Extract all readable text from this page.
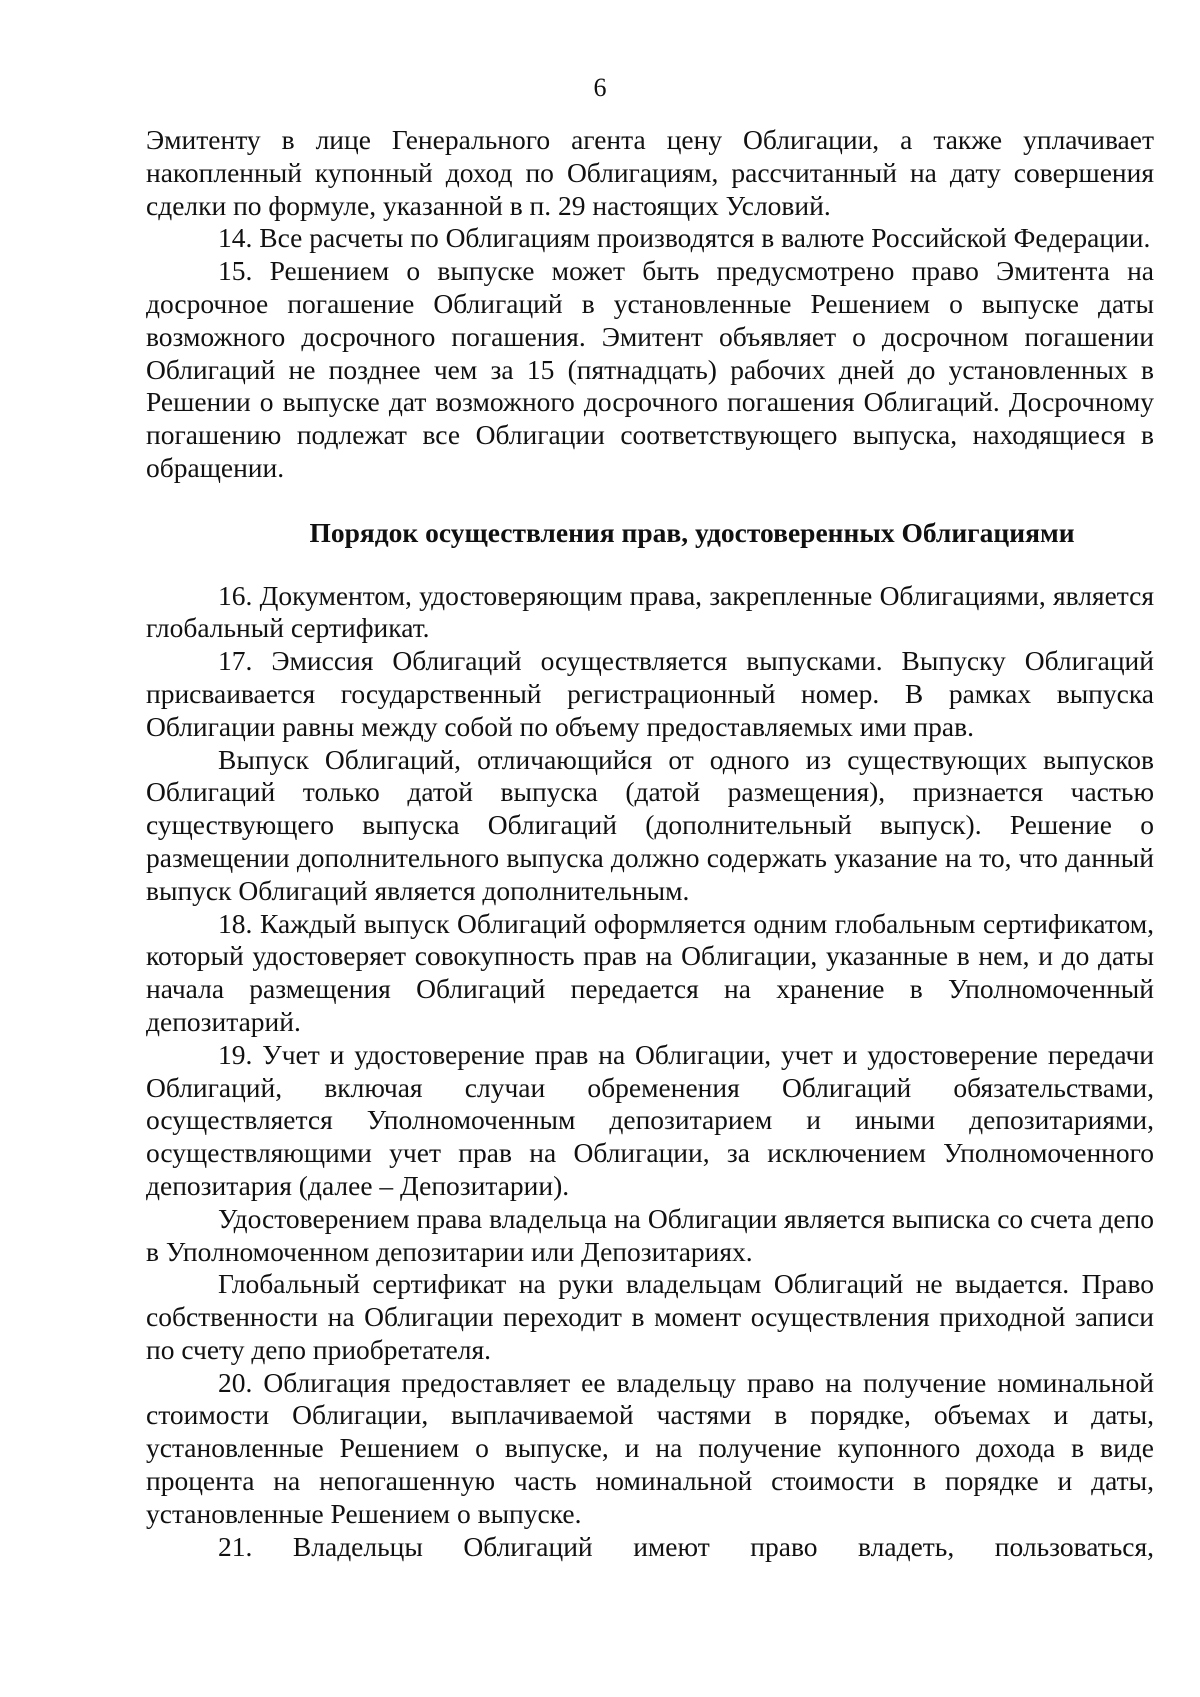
6

Эмитенту в лице Генерального агента цену Облигации, а также уплачивает накопленный купонный доход по Облигациям, рассчитанный на дату совершения сделки по формуле, указанной в п. 29 настоящих Условий.

14. Все расчеты по Облигациям производятся в валюте Российской Федерации.

15. Решением о выпуске может быть предусмотрено право Эмитента на досрочное погашение Облигаций в установленные Решением о выпуске даты возможного досрочного погашения. Эмитент объявляет о досрочном погашении Облигаций не позднее чем за 15 (пятнадцать) рабочих дней до установленных в Решении о выпуске дат возможного досрочного погашения Облигаций. Досрочному погашению подлежат все Облигации соответствующего выпуска, находящиеся в обращении.

Порядок осуществления прав, удостоверенных Облигациями

16. Документом, удостоверяющим права, закрепленные Облигациями, является глобальный сертификат.

17. Эмиссия Облигаций осуществляется выпусками. Выпуску Облигаций присваивается государственный регистрационный номер. В рамках выпуска Облигации равны между собой по объему предоставляемых ими прав.

Выпуск Облигаций, отличающийся от одного из существующих выпусков Облигаций только датой выпуска (датой размещения), признается частью существующего выпуска Облигаций (дополнительный выпуск). Решение о размещении дополнительного выпуска должно содержать указание на то, что данный выпуск Облигаций является дополнительным.

18. Каждый выпуск Облигаций оформляется одним глобальным сертификатом, который удостоверяет совокупность прав на Облигации, указанные в нем, и до даты начала размещения Облигаций передается на хранение в Уполномоченный депозитарий.

19. Учет и удостоверение прав на Облигации, учет и удостоверение передачи Облигаций, включая случаи обременения Облигаций обязательствами, осуществляется Уполномоченным депозитарием и иными депозитариями, осуществляющими учет прав на Облигации, за исключением Уполномоченного депозитария (далее – Депозитарии).

Удостоверением права владельца на Облигации является выписка со счета депо в Уполномоченном депозитарии или Депозитариях.

Глобальный сертификат на руки владельцам Облигаций не выдается. Право собственности на Облигации переходит в момент осуществления приходной записи по счету депо приобретателя.

20. Облигация предоставляет ее владельцу право на получение номинальной стоимости Облигации, выплачиваемой частями в порядке, объемах и даты, установленные Решением о выпуске, и на получение купонного дохода в виде процента на непогашенную часть номинальной стоимости в порядке и даты, установленные Решением о выпуске.

21. Владельцы Облигаций имеют право владеть, пользоваться,
